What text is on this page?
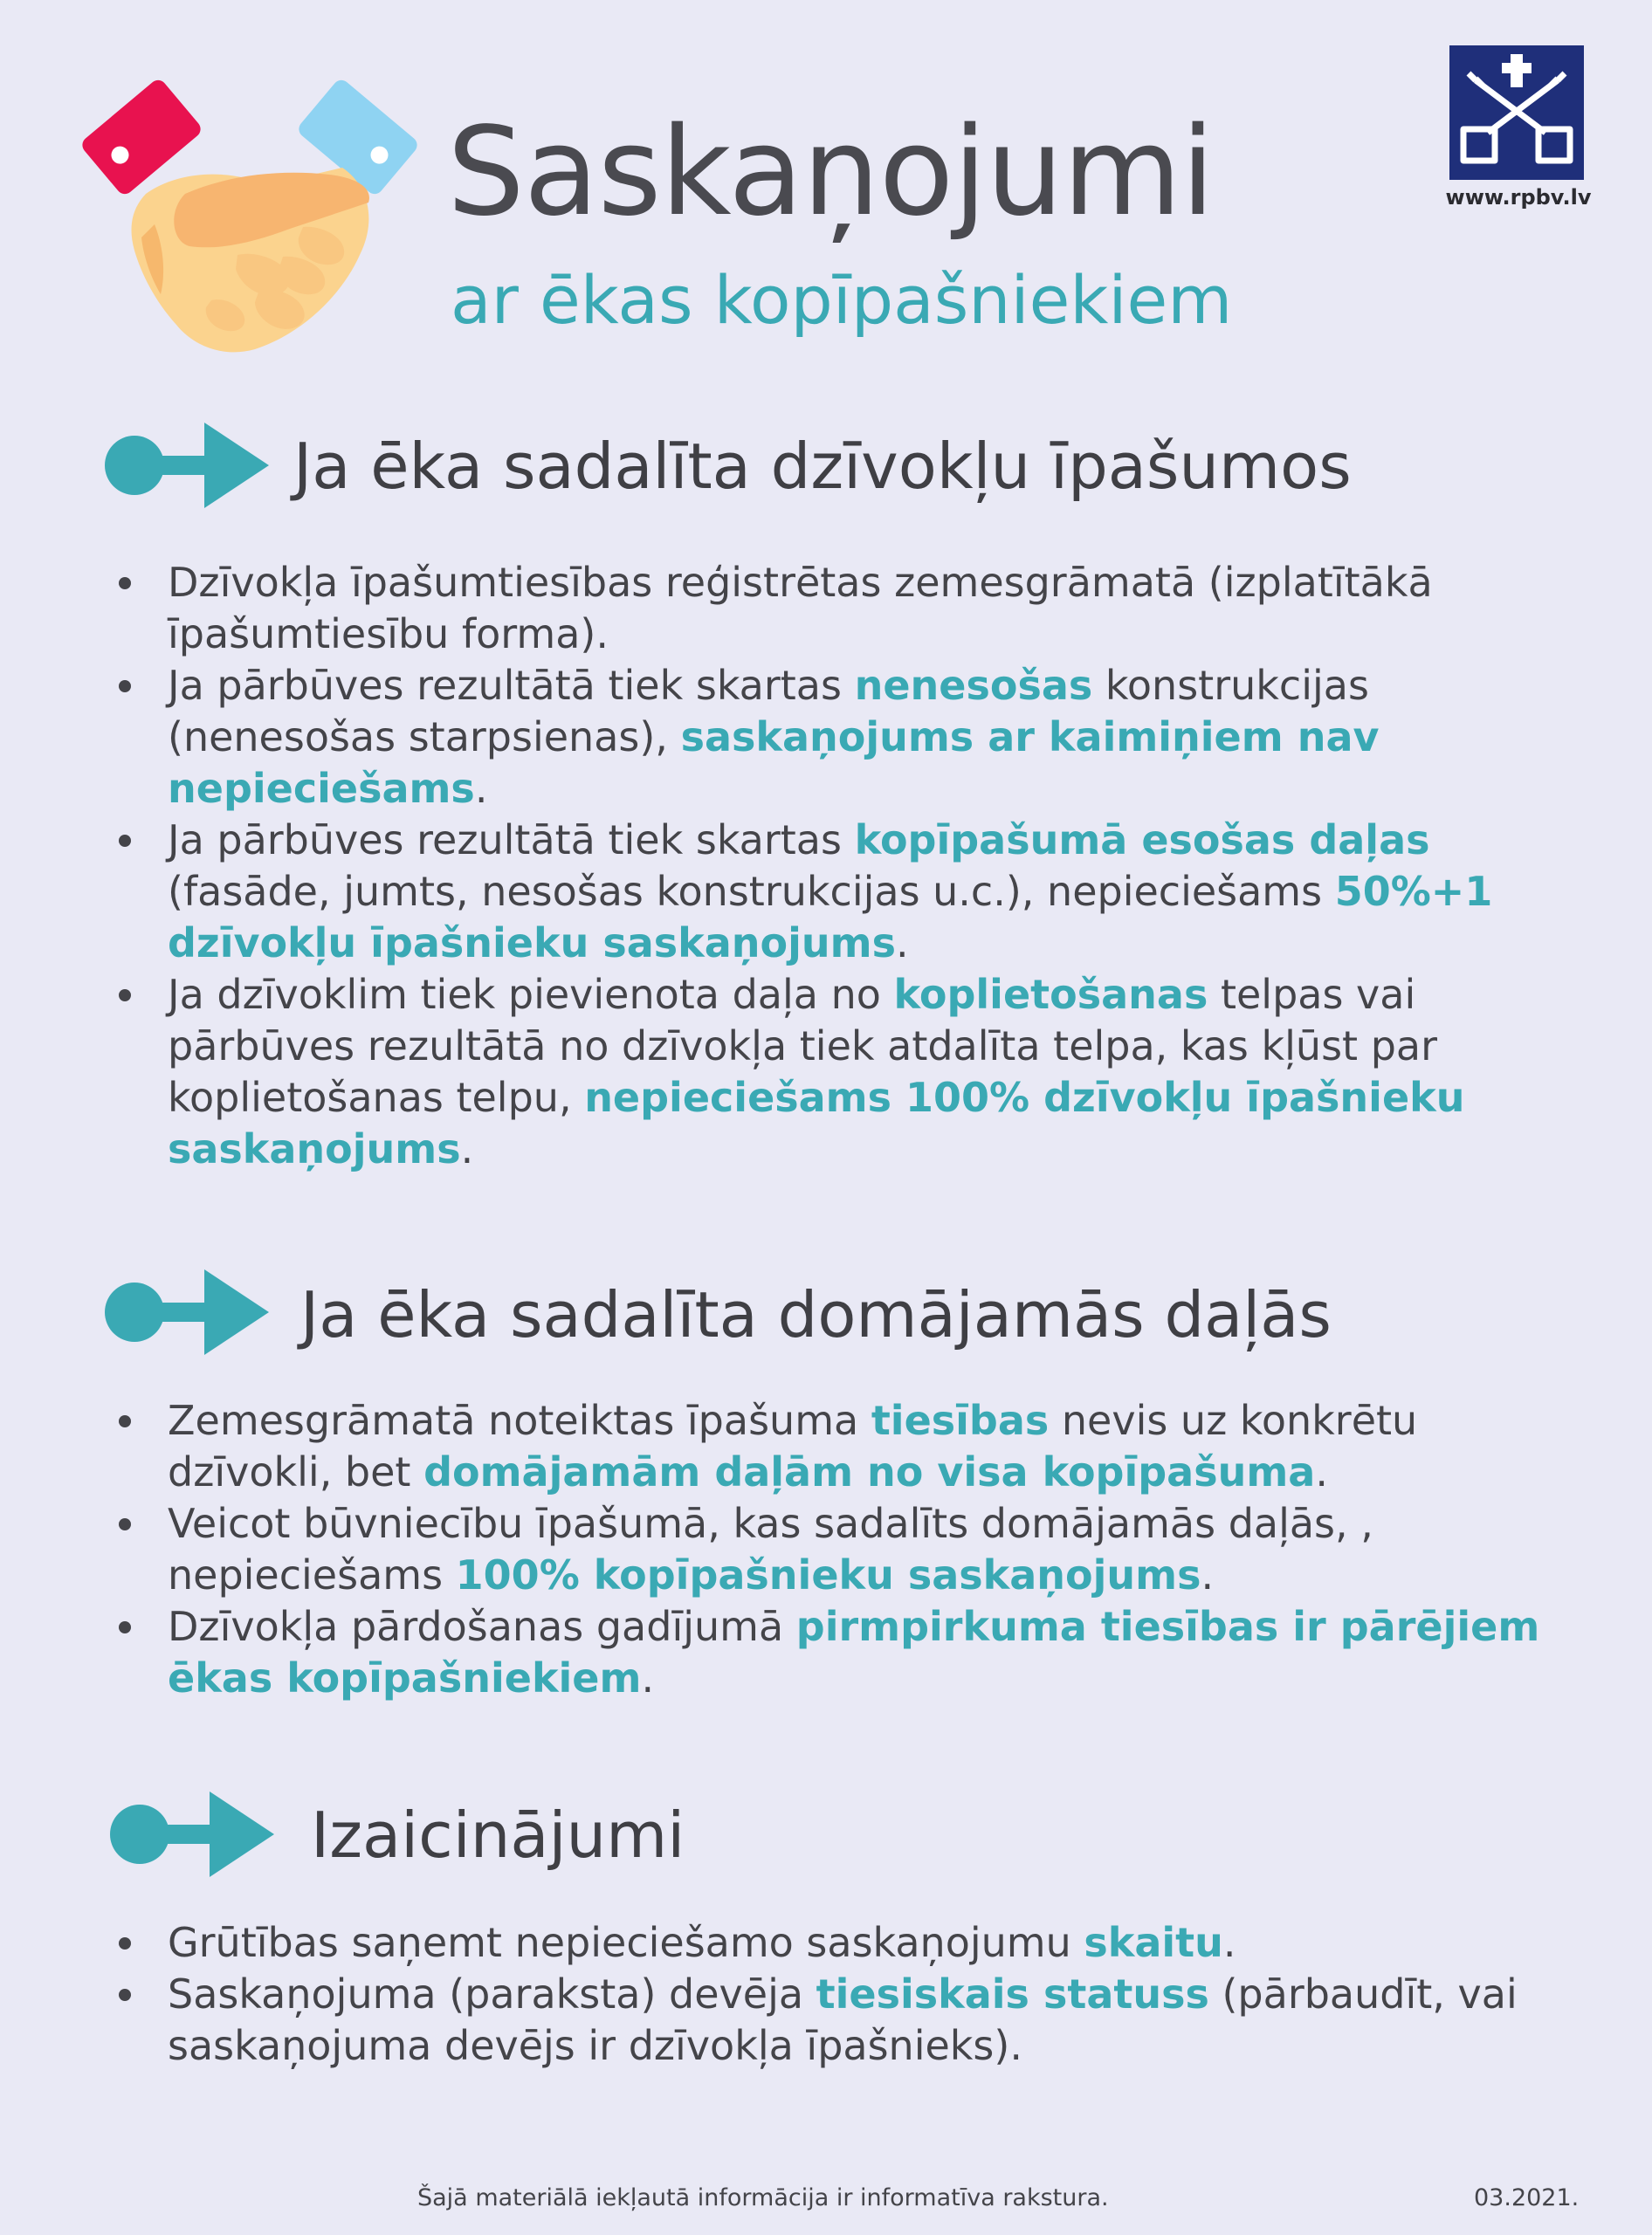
Saskaņojumi

ar ēkas kopīpašniekiem

www.rpbv.lv
Ja ēka sadalīta dzīvokļu īpašumos
Dzīvokļa īpašumtiesības reģistrētas zemesgrāmatā (izplatītākā īpašumtiesību forma).
Ja pārbūves rezultātā tiek skartas nenesošas konstrukcijas (nenesošas starpsienas), saskaņojums ar kaimiņiem nav nepieciešams.
Ja pārbūves rezultātā tiek skartas kopīpašumā esošas daļas (fasāde, jumts, nesošas konstrukcijas u.c.), nepieciešams 50%+1 dzīvokļu īpašnieku saskaņojums.
Ja dzīvoklim tiek pievienota daļa no koplietošanas telpas vai pārbūves rezultātā no dzīvokļa tiek atdalīta telpa, kas kļūst par koplietošanas telpu, nepieciešams 100% dzīvokļu īpašnieku saskaņojums.
Ja ēka sadalīta domājamās daļās
Zemesgrāmatā noteiktas īpašuma tiesības nevis uz konkrētu dzīvokli, bet domājamām daļām no visa kopīpašuma.
Veicot būvniecību īpašumā, kas sadalīts domājamās daļās, , nepieciešams 100% kopīpašnieku saskaņojums.
Dzīvokļa pārdošanas gadījumā pirmpirkuma tiesības ir pārējiem ēkas kopīpašniekiem.
Izaicinājumi
Grūtības saņemt nepieciešamo saskaņojumu skaitu.
Saskaņojuma (paraksta) devēja tiesiskais statuss (pārbaudīt, vai saskaņojuma devējs ir dzīvokļa īpašnieks).

Šajā materiālā iekļautā informācija ir informatīva rakstura.	03.2021.
